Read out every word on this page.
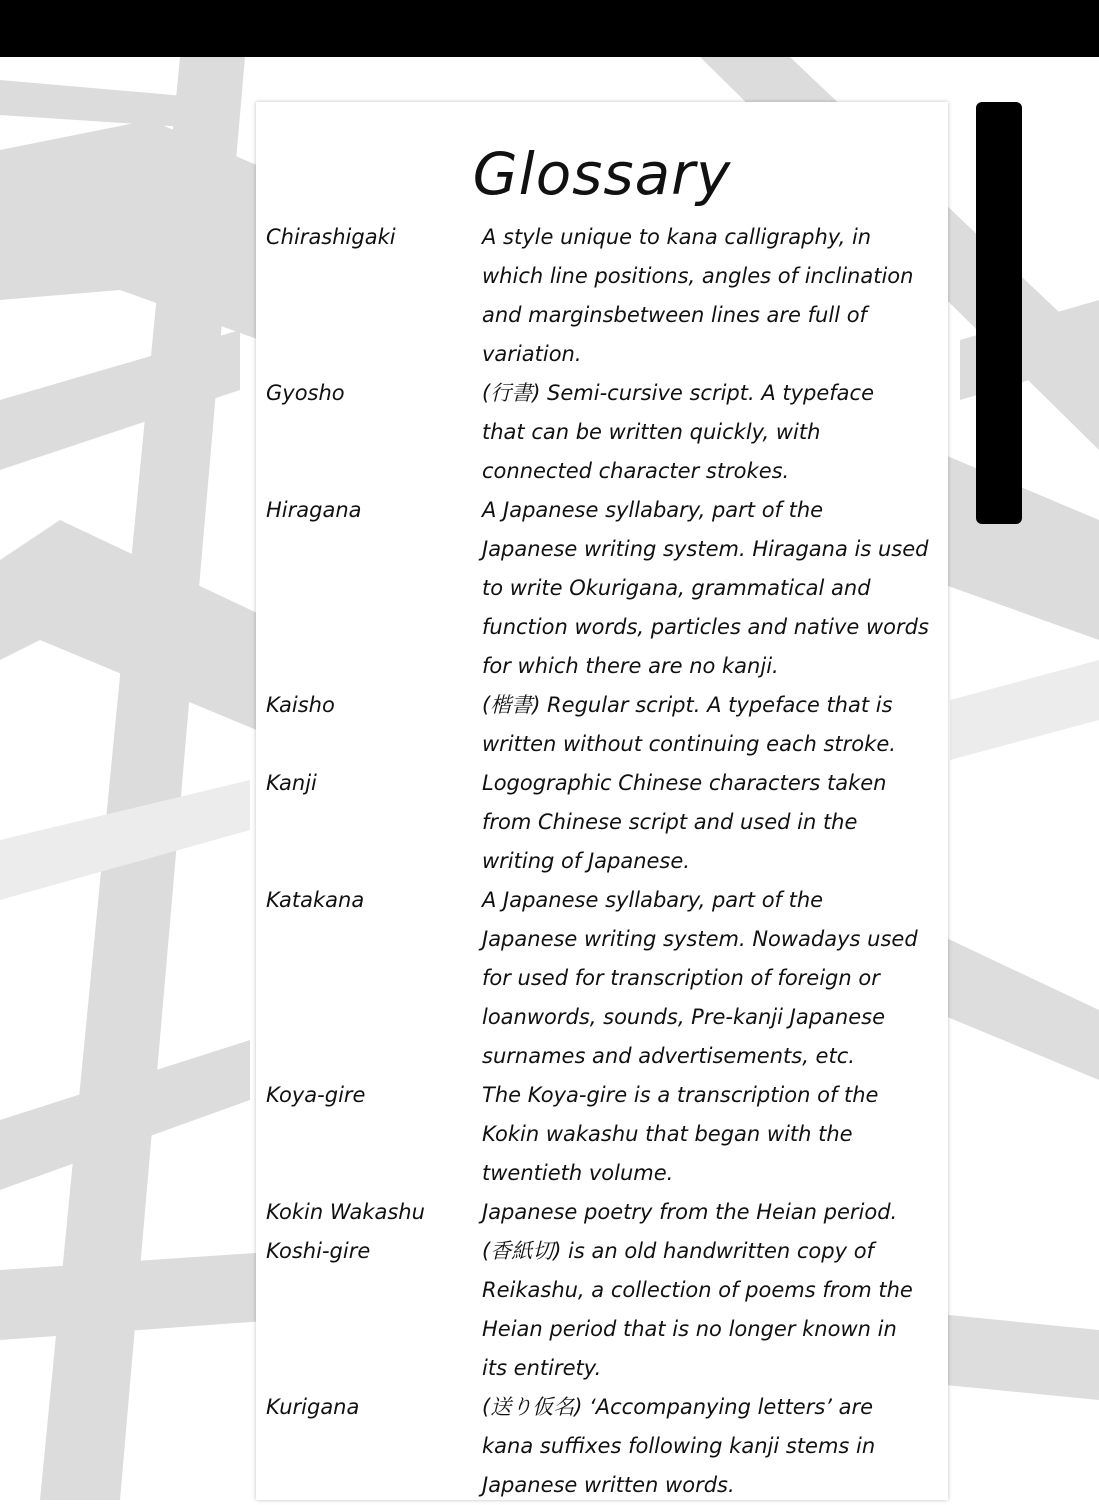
Glossary
Chirashigaki	A style unique to kana calligraphy, in
which line positions, angles of inclination
and marginsbetween lines are full of
variation.
Gyosho	(行書) Semi-cursive script. A typeface
that can be written quickly, with
connected character strokes.
Hiragana	A Japanese syllabary, part of the
Japanese writing system. Hiragana is used
to write Okurigana, grammatical and
function words, particles and native words
for which there are no kanji.
Kaisho	(楷書) Regular script. A typeface that is
written without continuing each stroke.
Kanji	Logographic Chinese characters taken
from Chinese script and used in the
writing of Japanese.
Katakana	A Japanese syllabary, part of the
Japanese writing system. Nowadays used
for used for transcription of foreign or
loanwords, sounds, Pre-kanji Japanese
surnames and advertisements, etc.
Koya-gire	The Koya-gire is a transcription of the
Kokin wakashu that began with the
twentieth volume.
Kokin Wakashu	Japanese poetry from the Heian period.
Koshi-gire	(香紙切) is an old handwritten copy of
Reikashu, a collection of poems from the
Heian period that is no longer known in
its entirety.
Kurigana	(送り仮名) ‘Accompanying letters’ are
kana suffixes following kanji stems in
Japanese written words.
